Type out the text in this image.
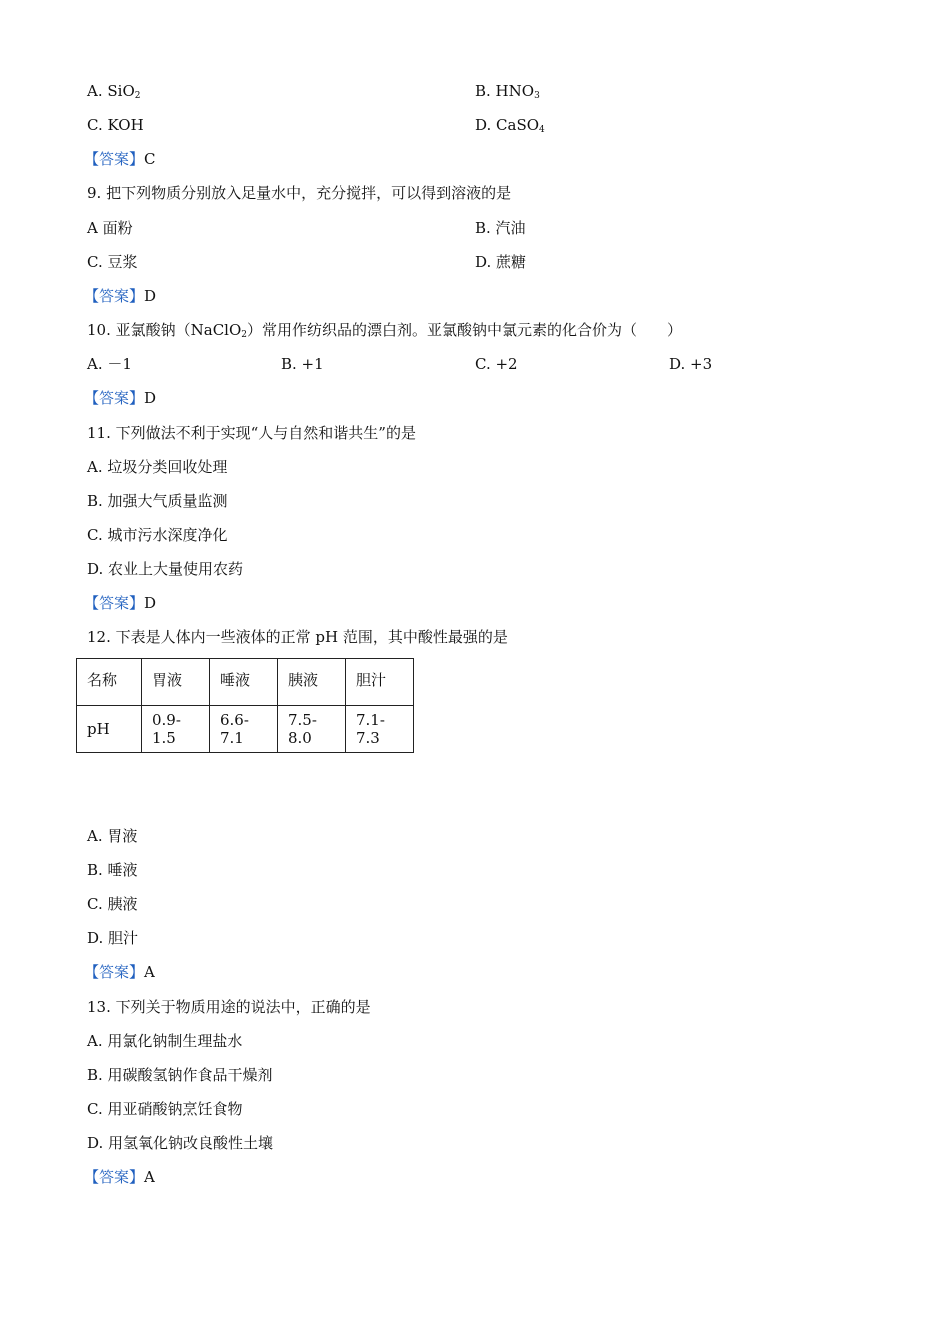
A. SiO$_2$	B. $HNO_3$
C. KOH	D. CaSO$_4$
【答案】C
9. 把下列物质分别放入足量水中，充分搅拌，可以得到溶液的是
A 面粉	B. 汽油
C. 豆浆	D. 蔗糖
【答案】D
10. 亚氯酸钠（NaClO$_2$）常用作纺织品的漂白剂。亚氯酸钠中氯元素的化合价为（　　）
A. －1	B. +1	C. +2	D. +3
【答案】D
11. 下列做法不利于实现“人与自然和谐共生”的是
A. 垃圾分类回收处理
B. 加强大气质量监测
C. 城市污水深度净化
D. 农业上大量使用农药
【答案】D
12. 下表是人体内一些液体的正常 pH 范围，其中酸性最强的是
名称	胃液	唾液	胰液	胆汁
pH	0.9-1.5	6.6-7.1	7.5-8.0	7.1-7.3
A. 胃液
B. 唾液
C. 胰液
D. 胆汁
【答案】A
13. 下列关于物质用途的说法中，正确的是
A. 用氯化钠制生理盐水
B. 用碳酸氢钠作食品干燥剂
C. 用亚硝酸钠烹饪食物
D. 用氢氧化钠改良酸性土壤
【答案】A
